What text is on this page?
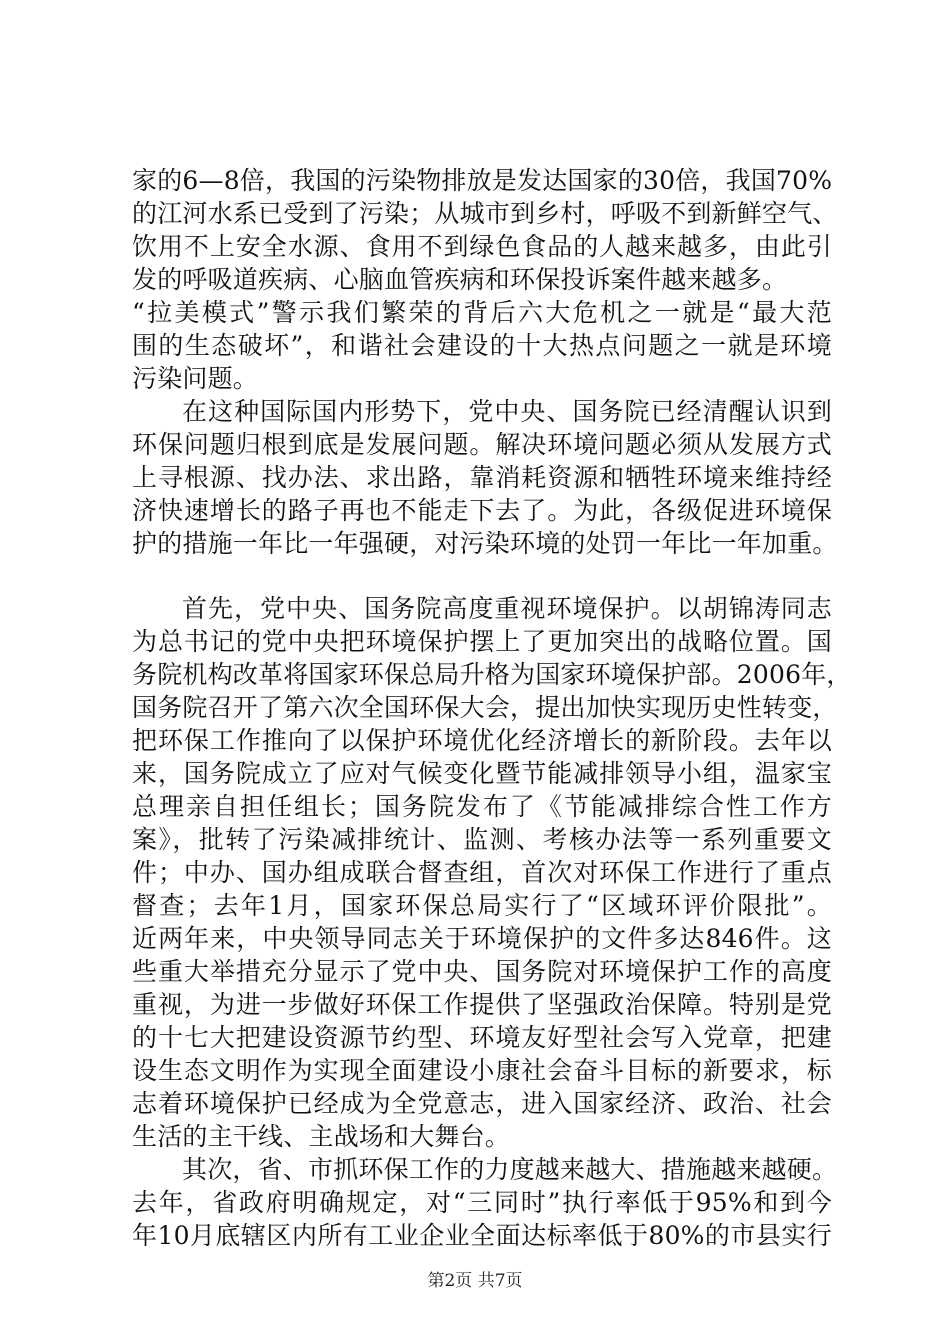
家的6—8倍，我国的污染物排放是发达国家的30倍，我国70%
的江河水系已受到了污染；从城市到乡村，呼吸不到新鲜空气、
饮用不上安全水源、食用不到绿色食品的人越来越多，由此引
发的呼吸道疾病、心脑血管疾病和环保投诉案件越来越多。
“拉美模式”警示我们繁荣的背后六大危机之一就是“最大范
围的生态破坏”，和谐社会建设的十大热点问题之一就是环境
污染问题。
在这种国际国内形势下，党中央、国务院已经清醒认识到
环保问题归根到底是发展问题。解决环境问题必须从发展方式
上寻根源、找办法、求出路，靠消耗资源和牺牲环境来维持经
济快速增长的路子再也不能走下去了。为此，各级促进环境保
护的措施一年比一年强硬，对污染环境的处罚一年比一年加重。
首先，党中央、国务院高度重视环境保护。以胡锦涛同志
为总书记的党中央把环境保护摆上了更加突出的战略位置。国
务院机构改革将国家环保总局升格为国家环境保护部。2006年，
国务院召开了第六次全国环保大会，提出加快实现历史性转变，
把环保工作推向了以保护环境优化经济增长的新阶段。去年以
来，国务院成立了应对气候变化暨节能减排领导小组，温家宝
总理亲自担任组长；国务院发布了《节能减排综合性工作方
案》，批转了污染减排统计、监测、考核办法等一系列重要文
件；中办、国办组成联合督查组，首次对环保工作进行了重点
督查；去年1月，国家环保总局实行了“区域环评价限批”。
近两年来，中央领导同志关于环境保护的文件多达846件。这
些重大举措充分显示了党中央、国务院对环境保护工作的高度
重视，为进一步做好环保工作提供了坚强政治保障。特别是党
的十七大把建设资源节约型、环境友好型社会写入党章，把建
设生态文明作为实现全面建设小康社会奋斗目标的新要求，标
志着环境保护已经成为全党意志，进入国家经济、政治、社会
生活的主干线、主战场和大舞台。
其次，省、市抓环保工作的力度越来越大、措施越来越硬。
去年，省政府明确规定，对“三同时”执行率低于95%和到今
年10月底辖区内所有工业企业全面达标率低于80%的市县实行
第2页 共7页
